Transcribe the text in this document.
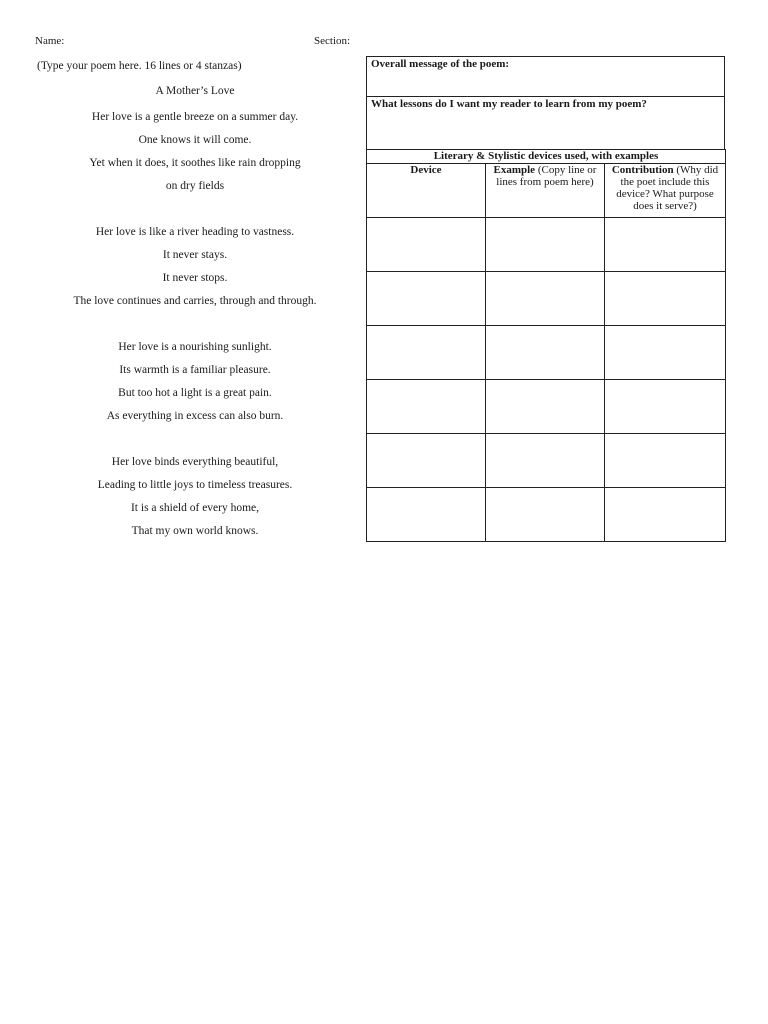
Name:	Section:
(Type your poem here. 16 lines or 4 stanzas)
A Mother’s Love
Her love is a gentle breeze on a summer day.
One knows it will come.
Yet when it does, it soothes like rain dropping
on dry fields
Her love is like a river heading to vastness.
It never stays.
It never stops.
The love continues and carries, through and through.
Her love is a nourishing sunlight.
Its warmth is a familiar pleasure.
But too hot a light is a great pain.
As everything in excess can also burn.
Her love binds everything beautiful,
Leading to little joys to timeless treasures.
It is a shield of every home,
That my own world knows.
Overall message of the poem:
What lessons do I want my reader to learn from my poem?
Literary & Stylistic devices used, with examples		
Device	Example (Copy line or lines from poem here)	Contribution (Why did the poet include this device? What purpose does it serve?)
